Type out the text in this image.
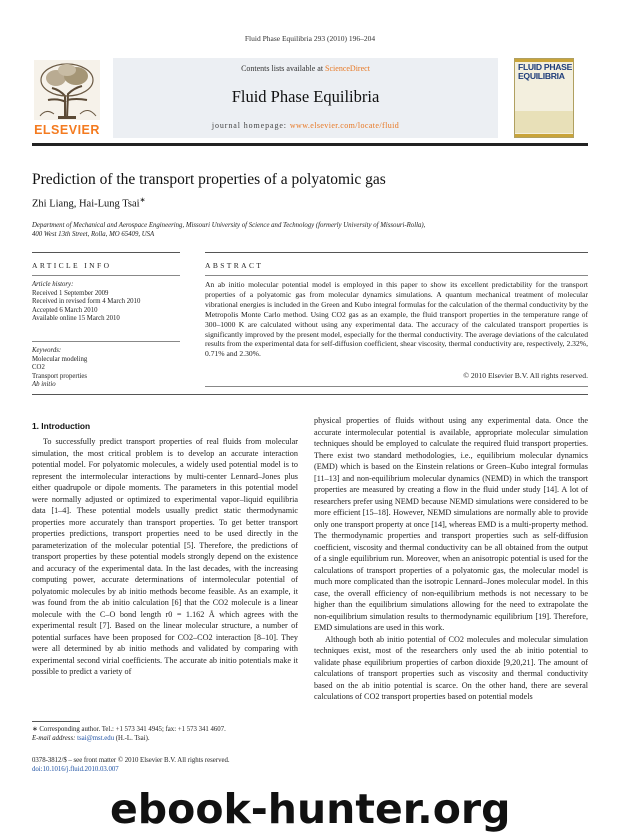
Fluid Phase Equilibria 293 (2010) 196–204
Contents lists available at ScienceDirect
Fluid Phase Equilibria
journal homepage: www.elsevier.com/locate/fluid
ELSEVIER
FLUID PHASE EQUILIBRIA
Prediction of the transport properties of a polyatomic gas
Zhi Liang, Hai-Lung Tsai∗
Department of Mechanical and Aerospace Engineering, Missouri University of Science and Technology (formerly University of Missouri-Rolla),
400 West 13th Street, Rolla, MO 65409, USA
ARTICLE INFO	ABSTRACT
Article history:
Received 1 September 2009
Received in revised form 4 March 2010
Accepted 6 March 2010
Available online 15 March 2010
Keywords:
Molecular modeling
CO2
Transport properties
Ab initio
An ab initio molecular potential model is employed in this paper to show its excellent predictability for the transport properties of a polyatomic gas from molecular dynamics simulations. A quantum mechanical treatment of molecular vibrational energies is included in the Green and Kubo integral formulas for the calculation of the thermal conductivity by the Metropolis Monte Carlo method. Using CO2 gas as an example, the fluid transport properties in the temperature range of 300–1000 K are calculated without using any experimental data. The accuracy of the calculated transport properties is significantly improved by the present model, especially for the thermal conductivity. The average deviations of the calculated results from the experimental data for self-diffusion coefficient, shear viscosity, thermal conductivity are, respectively, 2.32%, 0.71% and 2.30%.
© 2010 Elsevier B.V. All rights reserved.
1. Introduction

To successfully predict transport properties of real fluids from molecular simulation, the most critical problem is to develop an accurate interaction potential model. For polyatomic molecules, a widely used potential model is to represent the intermolecular interactions by multi-center Lennard–Jones plus either quadrupole or dipole moments. The parameters in this potential model were normally adjusted or optimized to experimental vapor–liquid equilibria data [1–4]. These potential models usually predict static thermodynamic properties more accurately than transport properties. To get better transport properties predictions, transport properties need to be used directly in the parameterization of the molecular potential [5]. Therefore, the predictions of transport properties by these potential models strongly depend on the existence and accuracy of the experimental data. In the last decades, with the increasing computing power, accurate determinations of intermolecular potential of polyatomic molecules by ab initio methods become feasible. As an example, it was found from the ab initio calculation [6] that the CO2 molecule is a linear molecule with the C–O bond length r0 = 1.162 Å which agrees with the experimental result [7]. Based on the linear molecular structure, a number of potential surfaces have been proposed for CO2–CO2 interaction [8–10]. They were all determined by ab initio methods and validated by comparing with experimental second virial coefficients. The accurate ab initio potentials make it possible to predict a variety of

physical properties of fluids without using any experimental data. Once the accurate intermolecular potential is available, appropriate molecular simulation techniques should be employed to calculate the required fluid transport properties. There exist two standard methodologies, i.e., equilibrium molecular dynamics (EMD) which is based on the Einstein relations or Green–Kubo integral formulas [11–13] and non-equilibrium molecular dynamics (NEMD) in which the transport properties are measured by creating a flow in the fluid under study [14]. A lot of researchers prefer using NEMD because NEMD simulations were considered to be more efficient [15–18]. However, NEMD simulations are normally able to provide only one transport property at once [14], whereas EMD is a multi-property method. The thermodynamic properties and transport properties such as self-diffusion coefficient, viscosity and thermal conductivity can be all obtained from the output of a single equilibrium run. Moreover, when an anisotropic potential is used for the calculations of transport properties of a polyatomic gas, the molecular model is much more complicated than the isotropic Lennard–Jones molecular model. In this case, the overall efficiency of non-equilibrium methods is not necessary to be higher than the equilibrium simulations allowing for the need to extrapolate the non-equilibrium simulation results to thermodynamic equilibrium [19]. Therefore, EMD simulations are used in this work.

Although both ab initio potential of CO2 molecules and molecular simulation techniques exist, most of the researchers only used the ab initio potential to validate phase equilibrium properties of carbon dioxide [9,20,21]. The amount of calculations of transport properties such as viscosity and thermal conductivity based on the ab initio potential is scarce. On the other hand, there are several calculations of CO2 transport properties based on potential models

∗ Corresponding author. Tel.: +1 573 341 4945; fax: +1 573 341 4607.
E-mail address: tsai@mst.edu (H.-L. Tsai).
0378-3812/$ – see front matter © 2010 Elsevier B.V. All rights reserved.
doi:10.1016/j.fluid.2010.03.007
ebook-hunter.org
